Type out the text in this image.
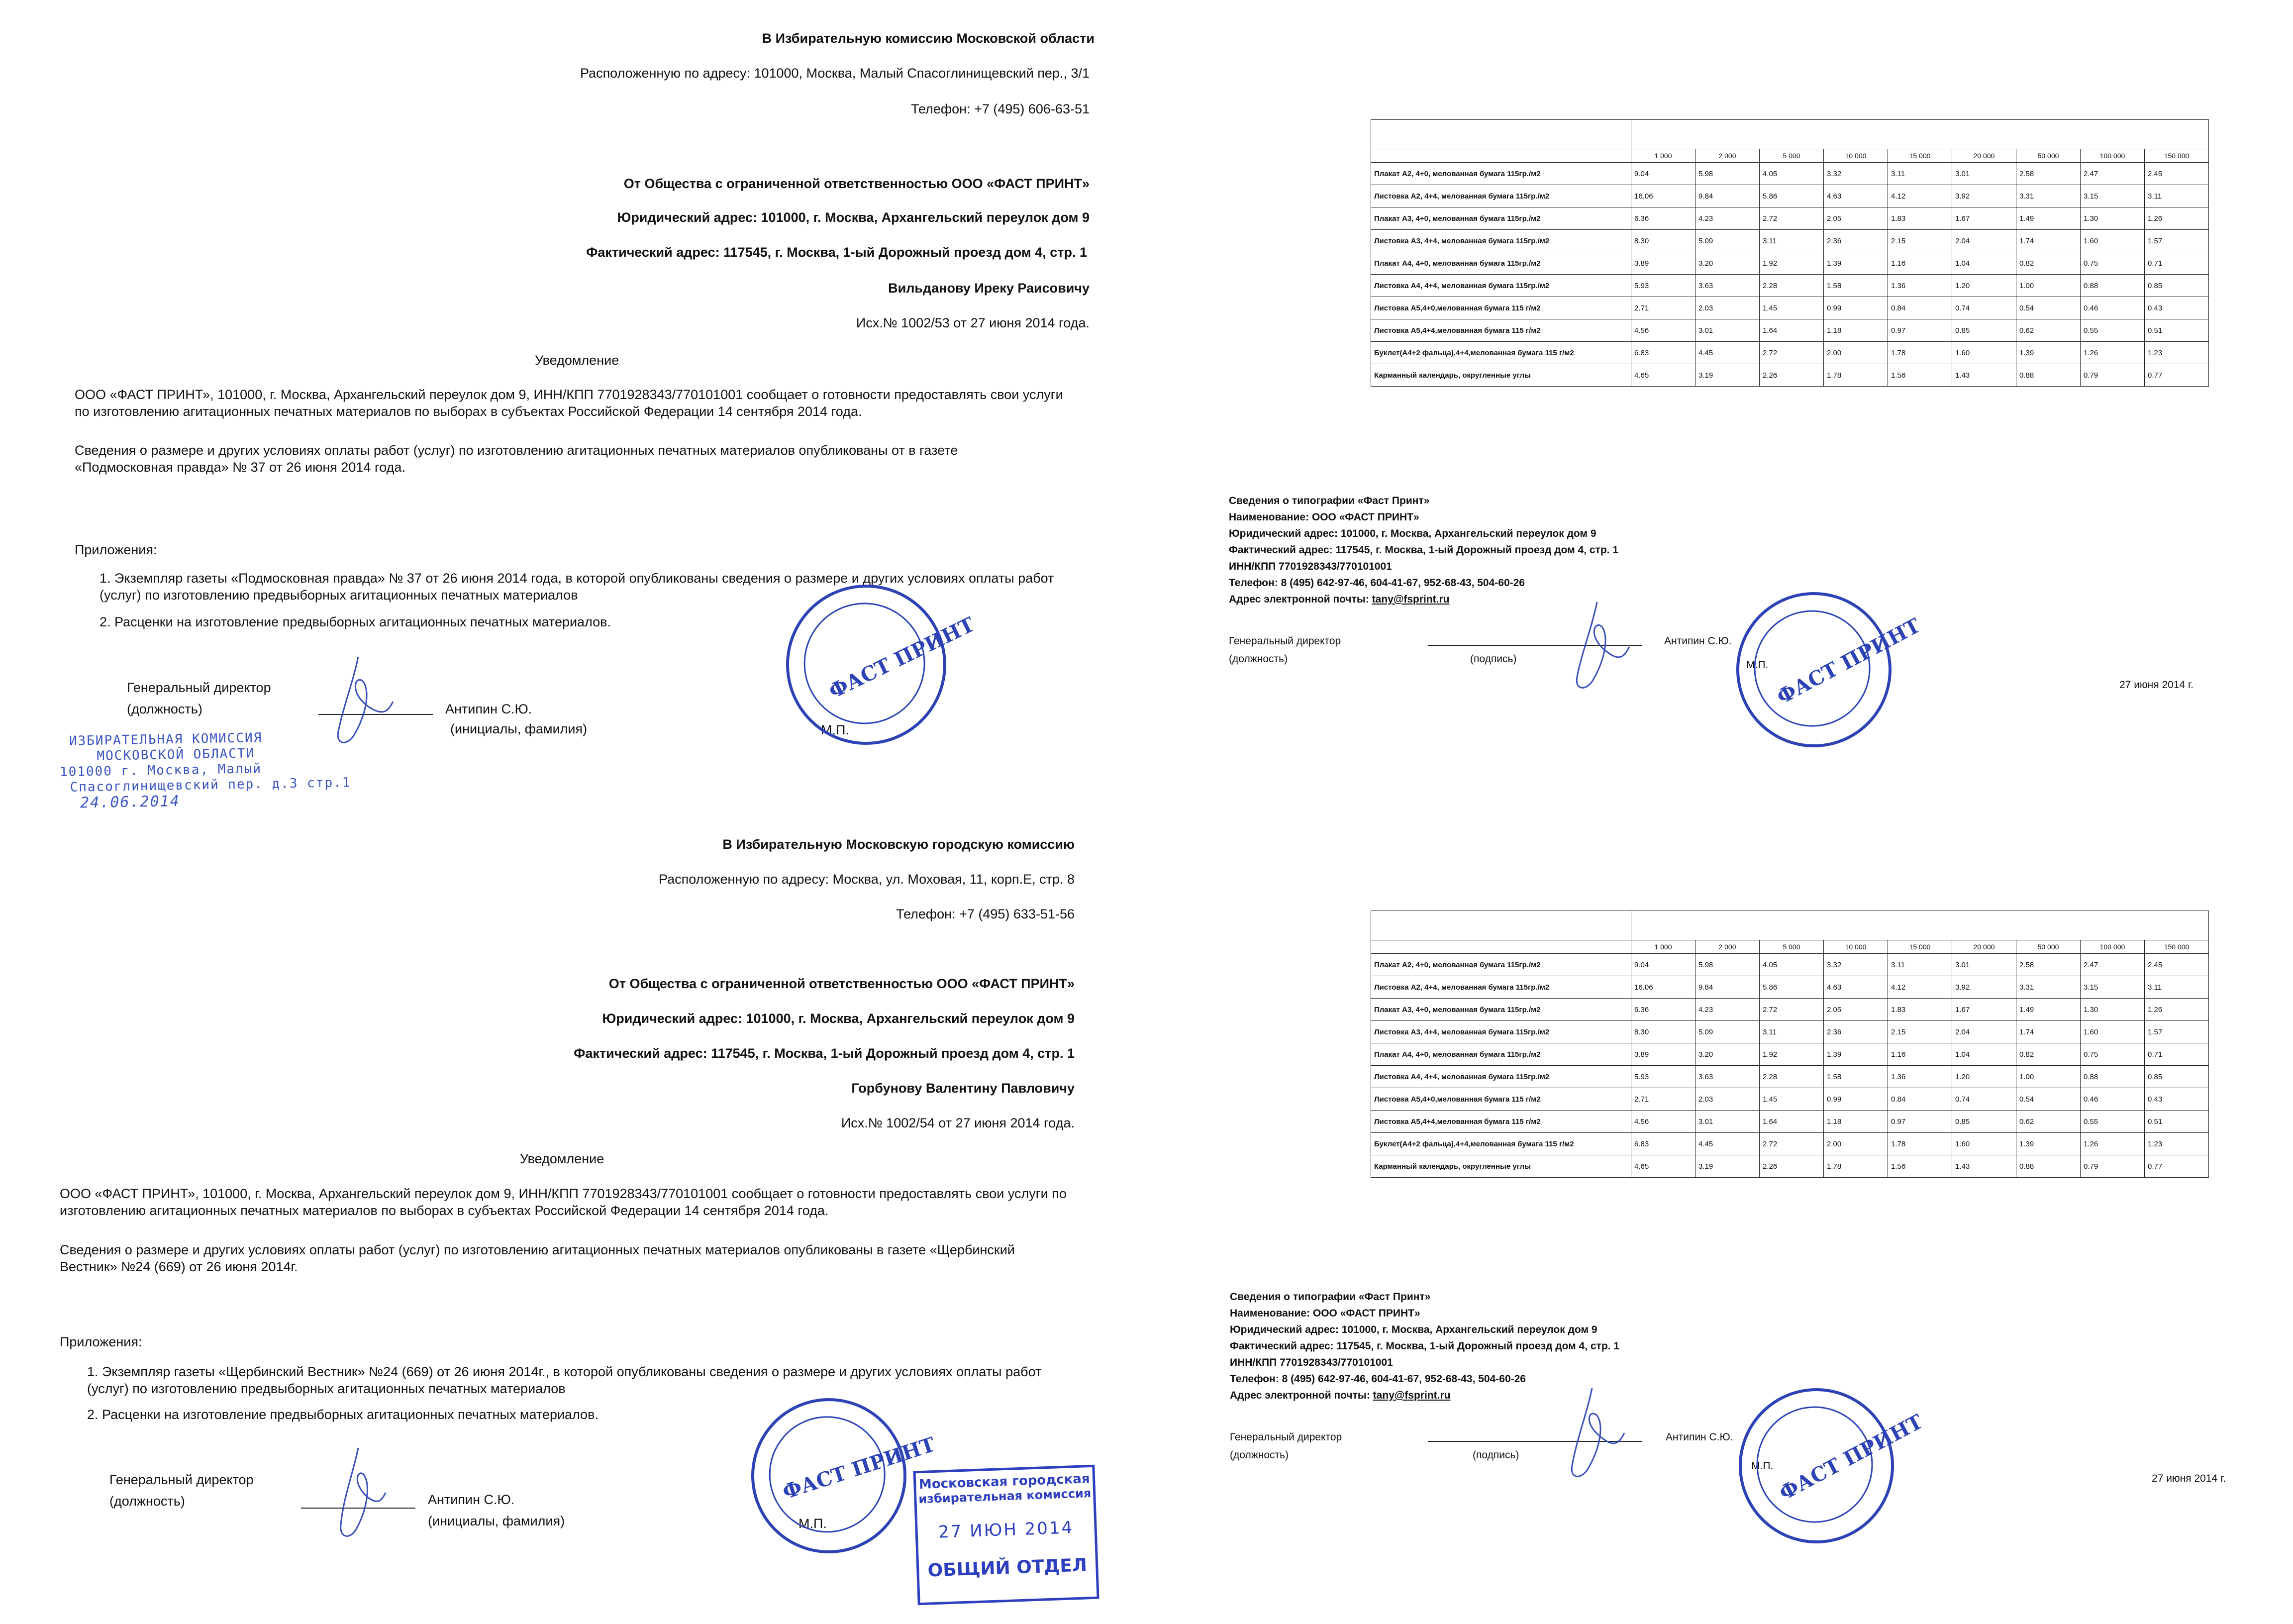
В Избирательную комиссию Московской области
Расположенную по адресу: 101000, Москва, Малый Спасоглинищевский пер., 3/1
Телефон: +7 (495) 606-63-51
От Общества с ограниченной ответственностью ООО «ФАСТ ПРИНТ»
Юридический адрес: 101000, г. Москва, Архангельский переулок дом 9
Фактический адрес: 117545, г. Москва, 1-ый Дорожный проезд дом 4, стр. 1
Вильданову Иреку Раисовичу
Исх.№ 1002/53 от 27 июня 2014 года.
Уведомление
ООО «ФАСТ ПРИНТ», 101000, г. Москва, Архангельский переулок дом 9, ИНН/КПП 7701928343/770101001 сообщает о готовности предоставлять свои услуги по изготовлению агитационных печатных материалов по выборах в субъектах Российской Федерации 14 сентября 2014 года.
Сведения о размере и других условиях оплаты работ (услуг) по изготовлению агитационных печатных материалов опубликованы от в газете «Подмосковная правда» № 37 от 26 июня 2014 года.
Приложения:
1. Экземпляр газеты «Подмосковная правда» № 37 от 26 июня 2014 года, в которой опубликованы сведения о размере и других условиях оплаты работ (услуг) по изготовлению предвыборных агитационных печатных материалов
2. Расценки на изготовление предвыборных агитационных печатных материалов.
Генеральный директор
(должность)	Антипин С.Ю.
(инициалы, фамилия)	М.П.
ФАСТ ПРИНТ
ИЗБИРАТЕЛЬНАЯ КОМИССИЯ
МОСКОВСКОЙ ОБЛАСТИ
101000 г. Москва, Малый
Спасоглинищевский пер. д.3 стр.1
24.06.2014

	1 000	2 000	5 000	10 000	15 000	20 000	50 000	100 000	150 000
Плакат А2, 4+0, мелованная бумага 115гр./м2	9.04	5.98	4.05	3.32	3.11	3.01	2.58	2.47	2.45
Листовка А2, 4+4, мелованная бумага 115гр./м2	16.06	9.84	5.86	4.63	4.12	3.92	3.31	3.15	3.11
Плакат А3, 4+0, мелованная бумага 115гр./м2	6.36	4.23	2.72	2.05	1.83	1.67	1.49	1.30	1.26
Листовка А3, 4+4, мелованная бумага 115гр./м2	8.30	5.09	3.11	2.36	2.15	2.04	1.74	1.60	1.57
Плакат А4, 4+0, мелованная бумага 115гр./м2	3.89	3.20	1.92	1.39	1.16	1.04	0.82	0.75	0.71
Листовка А4, 4+4, мелованная бумага 115гр./м2	5.93	3.63	2.28	1.58	1.36	1.20	1.00	0.88	0.85
Листовка А5,4+0,мелованная бумага 115 г/м2	2.71	2.03	1.45	0.99	0.84	0.74	0.54	0.46	0.43
Листовка А5,4+4,мелованная бумага 115 г/м2	4.56	3.01	1.64	1.18	0.97	0.85	0.62	0.55	0.51
Буклет(А4+2 фальца),4+4,мелованная бумага 115 г/м2	6.83	4.45	2.72	2.00	1.78	1.60	1.39	1.26	1.23
Карманный календарь, округленные углы	4.65	3.19	2.26	1.78	1.56	1.43	0.88	0.79	0.77
Сведения о типографии «Фаст Принт»
Наименование: ООО «ФАСТ ПРИНТ»
Юридический адрес: 101000, г. Москва, Архангельский переулок дом 9
Фактический адрес: 117545, г. Москва, 1-ый Дорожный проезд дом 4, стр. 1
ИНН/КПП 7701928343/770101001
Телефон: 8 (495) 642-97-46, 604-41-67, 952-68-43, 504-60-26
Адрес электронной почты: tany@fsprint.ru
Генеральный директор
(должность)	(подпись)
Антипин С.Ю.
М.П.
27 июня 2014 г.
ФАСТ ПРИНТ
В Избирательную Московскую городскую комиссию
Расположенную по адресу: Москва, ул. Моховая, 11, корп.Е, стр. 8
Телефон: +7 (495) 633-51-56
От Общества с ограниченной ответственностью ООО «ФАСТ ПРИНТ»
Юридический адрес: 101000, г. Москва, Архангельский переулок дом 9
Фактический адрес: 117545, г. Москва, 1-ый Дорожный проезд дом 4, стр. 1
Горбунову Валентину Павловичу
Исх.№ 1002/54 от 27 июня 2014 года.
Уведомление
ООО «ФАСТ ПРИНТ», 101000, г. Москва, Архангельский переулок дом 9, ИНН/КПП 7701928343/770101001 сообщает о готовности предоставлять свои услуги по изготовлению агитационных печатных материалов по выборах в субъектах Российской Федерации 14 сентября 2014 года.
Сведения о размере и других условиях оплаты работ (услуг) по изготовлению агитационных печатных материалов опубликованы в газете «Щербинский Вестник» №24 (669) от 26 июня 2014г.
Приложения:
1. Экземпляр газеты «Щербинский Вестник» №24 (669) от 26 июня 2014г., в которой опубликованы сведения о размере и других условиях оплаты работ (услуг) по изготовлению предвыборных агитационных печатных материалов
2. Расценки на изготовление предвыборных агитационных печатных материалов.
Генеральный директор
(должность)	Антипин С.Ю.
(инициалы, фамилия)	М.П.
ФАСТ ПРИНТ
Московская городская
избирательная комиссия
27 ИЮН 2014
ОБЩИЙ ОТДЕЛ

	1 000	2 000	5 000	10 000	15 000	20 000	50 000	100 000	150 000
Плакат А2, 4+0, мелованная бумага 115гр./м2	9.04	5.98	4.05	3.32	3.11	3.01	2.58	2.47	2.45
Листовка А2, 4+4, мелованная бумага 115гр./м2	16.06	9.84	5.86	4.63	4.12	3.92	3.31	3.15	3.11
Плакат А3, 4+0, мелованная бумага 115гр./м2	6.36	4.23	2.72	2.05	1.83	1.67	1.49	1.30	1.26
Листовка А3, 4+4, мелованная бумага 115гр./м2	8.30	5.09	3.11	2.36	2.15	2.04	1.74	1.60	1.57
Плакат А4, 4+0, мелованная бумага 115гр./м2	3.89	3.20	1.92	1.39	1.16	1.04	0.82	0.75	0.71
Листовка А4, 4+4, мелованная бумага 115гр./м2	5.93	3.63	2.28	1.58	1.36	1.20	1.00	0.88	0.85
Листовка А5,4+0,мелованная бумага 115 г/м2	2.71	2.03	1.45	0.99	0.84	0.74	0.54	0.46	0.43
Листовка А5,4+4,мелованная бумага 115 г/м2	4.56	3.01	1.64	1.18	0.97	0.85	0.62	0.55	0.51
Буклет(А4+2 фальца),4+4,мелованная бумага 115 г/м2	6.83	4.45	2.72	2.00	1.78	1.60	1.39	1.26	1.23
Карманный календарь, округленные углы	4.65	3.19	2.26	1.78	1.56	1.43	0.88	0.79	0.77
Сведения о типографии «Фаст Принт»
Наименование: ООО «ФАСТ ПРИНТ»
Юридический адрес: 101000, г. Москва, Архангельский переулок дом 9
Фактический адрес: 117545, г. Москва, 1-ый Дорожный проезд дом 4, стр. 1
ИНН/КПП 7701928343/770101001
Телефон: 8 (495) 642-97-46, 604-41-67, 952-68-43, 504-60-26
Адрес электронной почты: tany@fsprint.ru
Генеральный директор
(должность)	(подпись)
Антипин С.Ю.
М.П.
27 июня 2014 г.
ФАСТ ПРИНТ
